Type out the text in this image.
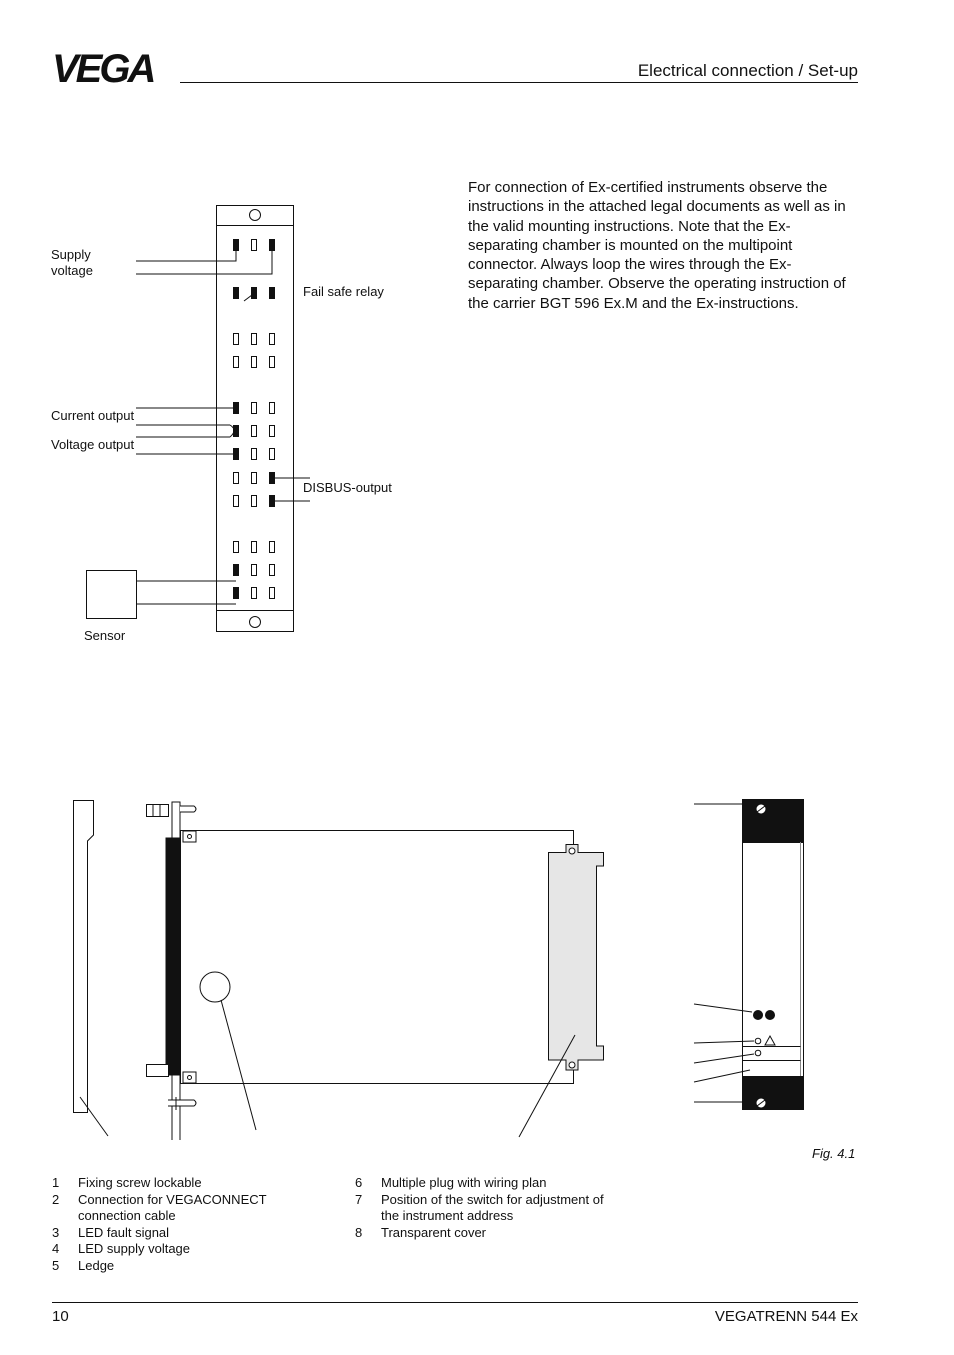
VEGA	Electrical connection / Set-up
For connection of Ex-certified instruments observe the instructions in the attached legal documents as well as in the valid mounting instructions. Note that the Ex-separating chamber is mounted on the multipoint connector. Always loop the wires through the Ex-separating chamber. Observe the operating instruction of the carrier BGT 596 Ex.M and the Ex-instructions.
Supply
voltage
Fail safe relay
Current output
Voltage output
DISBUS-output
Sensor
Fig. 4.1
1	Fixing screw lockable
2	Connection for VEGACONNECT connection cable
3	LED fault signal
4	LED supply voltage
5	Ledge
6	Multiple plug with wiring plan
7	Position of the switch for adjustment of the instrument address
8	Transparent cover
10	VEGATRENN 544 Ex
